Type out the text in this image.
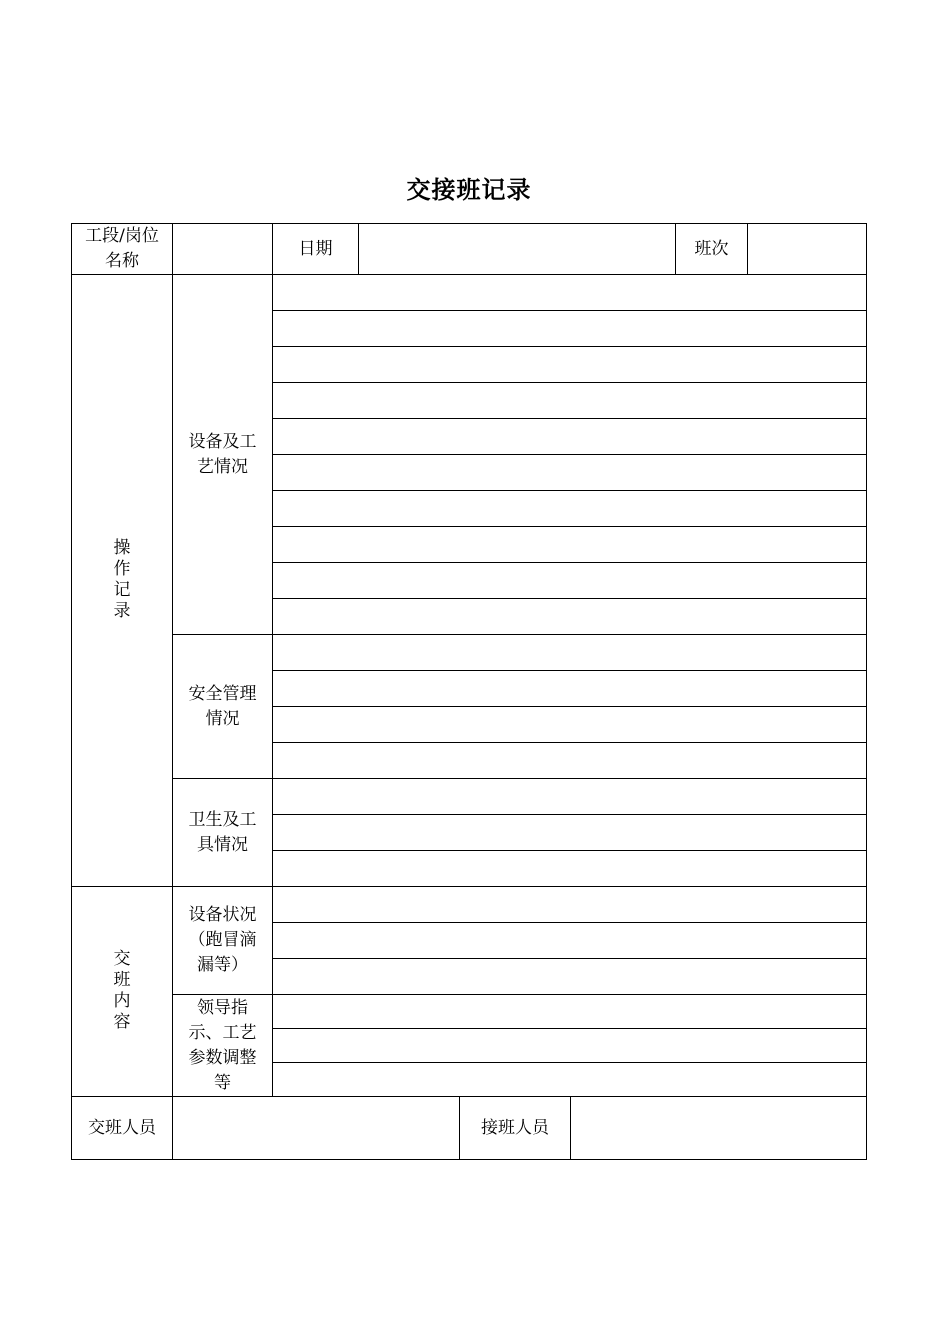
交接班记录
工段/岗位名称		日期				班次	
操作记录	设备及工艺情况						

	安全管理情况						

	卫生及工具情况						

交班内容	设备状况（跑冒滴漏等）						

	领导指示、工艺参数调整等						

交班人员				接班人员			
